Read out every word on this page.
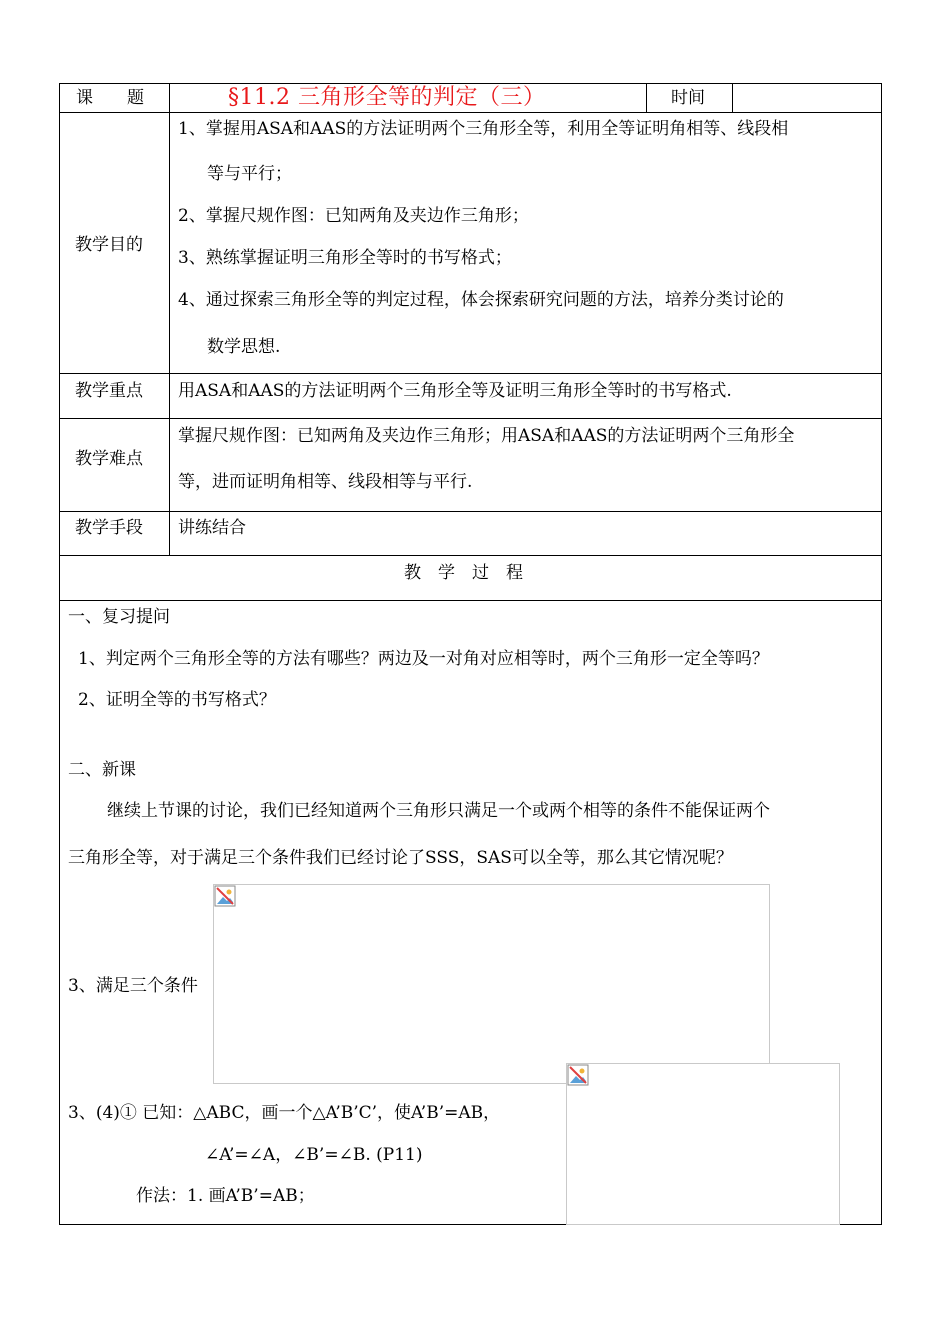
课　　题	§11.2 三角形全等的判定（三）	时间
教学目的
1、掌握用ASA和AAS的方法证明两个三角形全等，利用全等证明角相等、线段相
等与平行；
2、掌握尺规作图：已知两角及夹边作三角形；
3、熟练掌握证明三角形全等时的书写格式；
4、通过探索三角形全等的判定过程，体会探索研究问题的方法，培养分类讨论的
数学思想.
教学重点 用ASA和AAS的方法证明两个三角形全等及证明三角形全等时的书写格式.
教学难点
掌握尺规作图：已知两角及夹边作三角形；用ASA和AAS的方法证明两个三角形全
等，进而证明角相等、线段相等与平行.
教学手段 讲练结合
教　学　过　程
一、复习提问
1、判定两个三角形全等的方法有哪些？两边及一对角对应相等时，两个三角形一定全等吗？
2、证明全等的书写格式？
二、新课
继续上节课的讨论，我们已经知道两个三角形只满足一个或两个相等的条件不能保证两个
三角形全等，对于满足三个条件我们已经讨论了SSS，SAS可以全等，那么其它情况呢？
3、满足三个条件
3、(4)① 已知：△ABC，画一个△A’B’C’，使A’B’=AB，
∠A’=∠A，∠B’=∠B. (P11)
作法：1. 画A’B’=AB；
